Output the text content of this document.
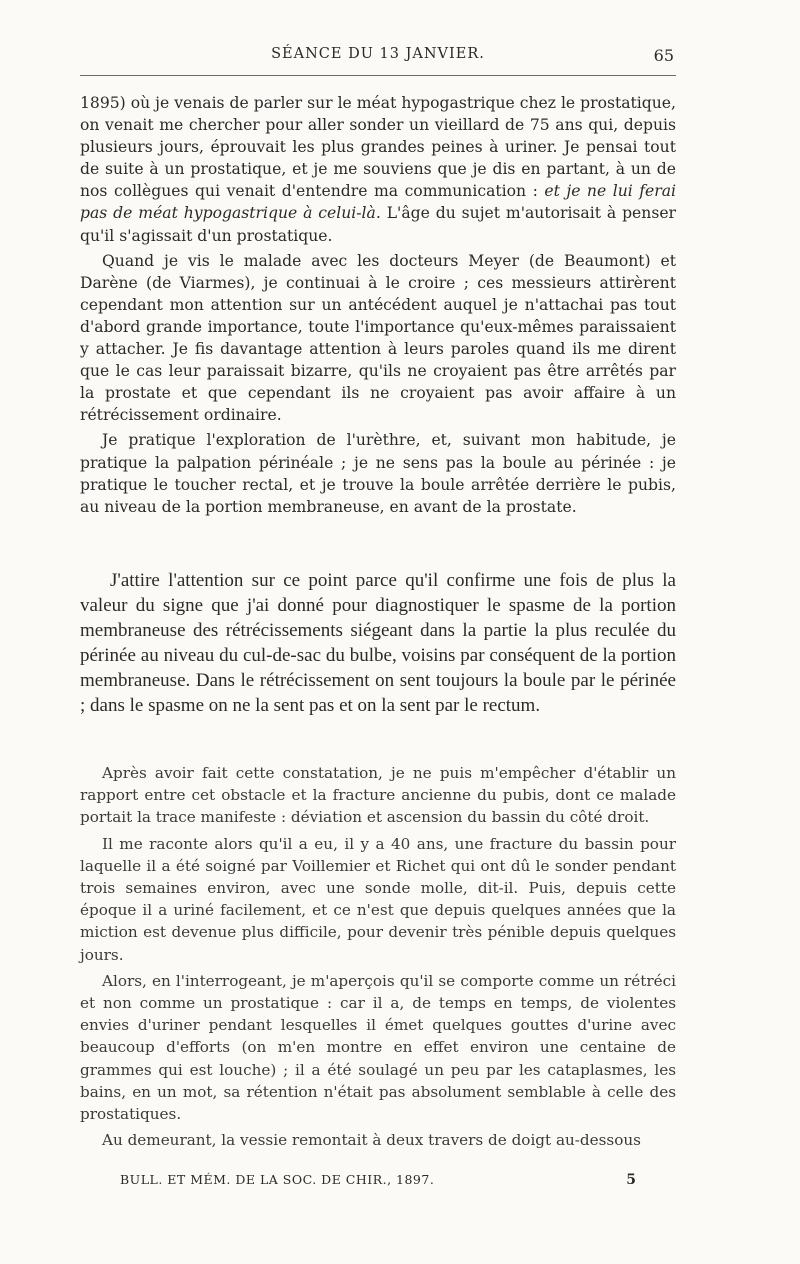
SÉANCE DU 13 JANVIER.	65

1895) où je venais de parler sur le méat hypogastrique chez le prostatique, on venait me chercher pour aller sonder un vieillard de 75 ans qui, depuis plusieurs jours, éprouvait les plus grandes peines à uriner. Je pensai tout de suite à un prostatique, et je me souviens que je dis en partant, à un de nos collègues qui venait d'entendre ma communication : et je ne lui ferai pas de méat hypogastrique à celui-là. L'âge du sujet m'autorisait à penser qu'il s'agissait d'un prostatique.

Quand je vis le malade avec les docteurs Meyer (de Beaumont) et Darène (de Viarmes), je continuai à le croire ; ces messieurs attirèrent cependant mon attention sur un antécédent auquel je n'attachai pas tout d'abord grande importance, toute l'importance qu'eux-mêmes paraissaient y attacher. Je fis davantage attention à leurs paroles quand ils me dirent que le cas leur paraissait bizarre, qu'ils ne croyaient pas être arrêtés par la prostate et que cependant ils ne croyaient pas avoir affaire à un rétrécissement ordinaire.

Je pratique l'exploration de l'urèthre, et, suivant mon habitude, je pratique la palpation périnéale ; je ne sens pas la boule au périnée : je pratique le toucher rectal, et je trouve la boule arrêtée derrière le pubis, au niveau de la portion membraneuse, en avant de la prostate.

J'attire l'attention sur ce point parce qu'il confirme une fois de plus la valeur du signe que j'ai donné pour diagnostiquer le spasme de la portion membraneuse des rétrécissements siégeant dans la partie la plus reculée du périnée au niveau du cul-de-sac du bulbe, voisins par conséquent de la portion membraneuse. Dans le rétrécissement on sent toujours la boule par le périnée ; dans le spasme on ne la sent pas et on la sent par le rectum.

Après avoir fait cette constatation, je ne puis m'empêcher d'établir un rapport entre cet obstacle et la fracture ancienne du pubis, dont ce malade portait la trace manifeste : déviation et ascension du bassin du côté droit.

Il me raconte alors qu'il a eu, il y a 40 ans, une fracture du bassin pour laquelle il a été soigné par Voillemier et Richet qui ont dû le sonder pendant trois semaines environ, avec une sonde molle, dit-il. Puis, depuis cette époque il a uriné facilement, et ce n'est que depuis quelques années que la miction est devenue plus difficile, pour devenir très pénible depuis quelques jours.

Alors, en l'interrogeant, je m'aperçois qu'il se comporte comme un rétréci et non comme un prostatique : car il a, de temps en temps, de violentes envies d'uriner pendant lesquelles il émet quelques gouttes d'urine avec beaucoup d'efforts (on m'en montre en effet environ une centaine de grammes qui est louche) ; il a été soulagé un peu par les cataplasmes, les bains, en un mot, sa rétention n'était pas absolument semblable à celle des prostatiques.

Au demeurant, la vessie remontait à deux travers de doigt au-dessous

BULL. ET MÉM. DE LA SOC. DE CHIR., 1897.	5
